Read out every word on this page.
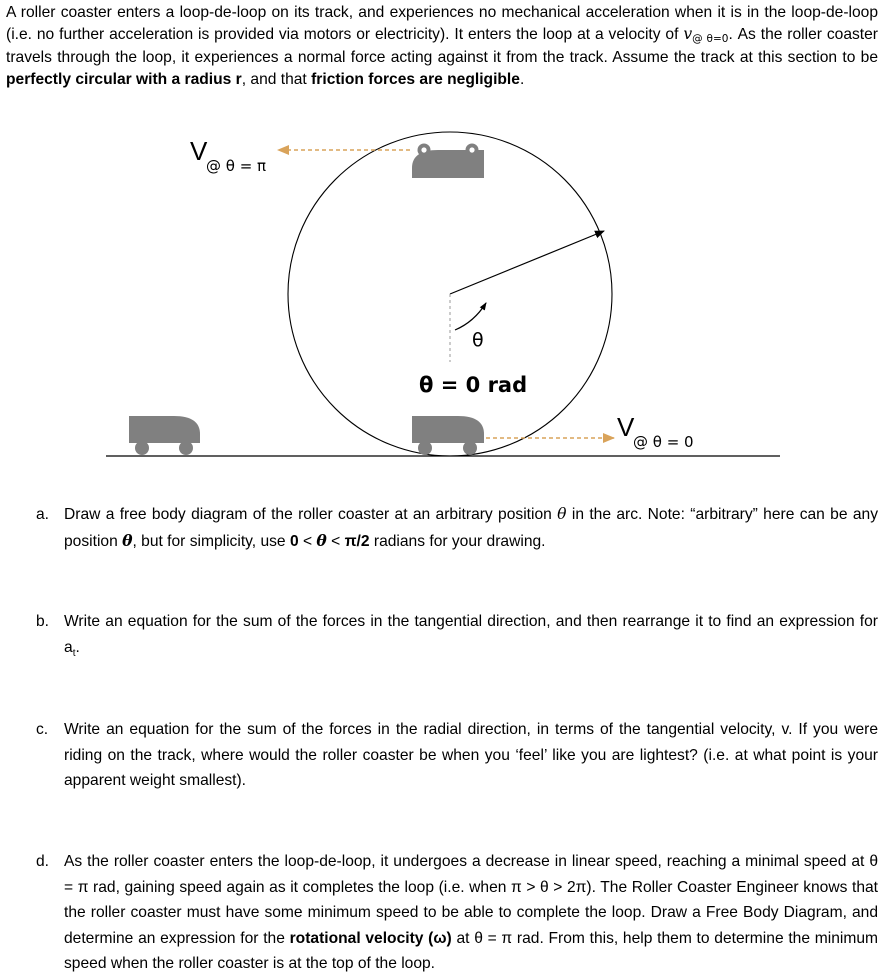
A roller coaster enters a loop-de-loop on its track, and experiences no mechanical acceleration when it is in the loop-de-loop (i.e. no further acceleration is provided via motors or electricity). It enters the loop at a velocity of v@ θ=0. As the roller coaster travels through the loop, it experiences a normal force acting against it from the track. Assume the track at this section to be perfectly circular with a radius r, and that friction forces are negligible.
V
@ θ = π
θ
θ = 0 rad
V
@ θ = 0
a. Draw a free body diagram of the roller coaster at an arbitrary position θ in the arc. Note: “arbitrary” here can be any position θ, but for simplicity, use 0 < θ < π/2 radians for your drawing.
b. Write an equation for the sum of the forces in the tangential direction, and then rearrange it to find an expression for $a_t$.
c.	Write an equation for the sum of the forces in the radial direction, in terms of the tangential velocity, v. If you were riding on the track, where would the roller coaster be when you ‘feel’ like you are lightest? (i.e. at what point is your apparent weight smallest).
d. As the roller coaster enters the loop-de-loop, it undergoes a decrease in linear speed, reaching a minimal speed at θ = π rad, gaining speed again as it completes the loop (i.e. when π > θ > 2π). The Roller Coaster Engineer knows that the roller coaster must have some minimum speed to be able to complete the loop. Draw a Free Body Diagram, and determine an expression for the rotational velocity (ω) at θ = π rad. From this, help them to determine the minimum speed when the roller coaster is at the top of the loop.
